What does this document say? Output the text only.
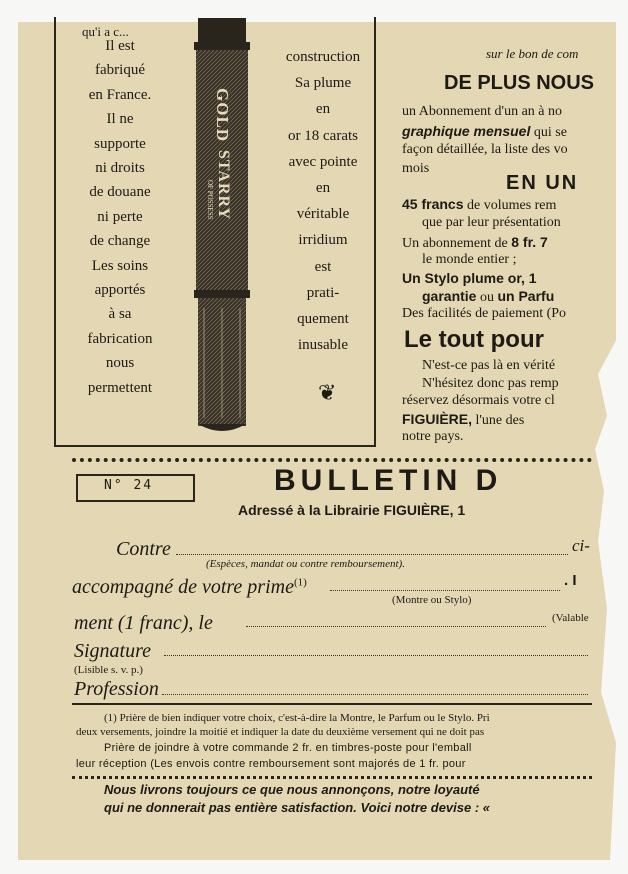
qu'i a c...
sur le bon de com
Il est
fabriqué
en France.
Il ne
supporte
ni droits
de douane
ni perte
de change
Les soins
apportés
à sa
fabrication
nous
permettent
GOLD
STARRY
OF POSSESS
construction
Sa plume
en
or 18 carats
avec pointe
en
véritable
irridium
est
prati-
quement
inusable
❦
DE PLUS NOUS
un Abonnement d'un an à no
graphique mensuel qui se
façon détaillée, la liste des vo
mois
EN UN
45 francs de volumes rem
que par leur présentation
Un abonnement de 8 fr. 7
le monde entier ;
Un Stylo plume or, 1
garantie ou un Parfu
Des facilités de paiement (Po
Le tout pour
N'est-ce pas là en vérité
N'hésitez donc pas remp
réservez désormais votre cl
FIGUIÈRE, l'une des
notre pays.
N° 24	BULLETIN D
Adressé à la Librairie FIGUIÈRE, 1
Contre	ci-
(Espèces, mandat ou contre remboursement).
accompagné de votre prime$^{(1)}$	. I
(Montre ou Stylo)
ment (1 franc), le	(Valable
Signature
(Lisible s. v. p.)
Profession
(1) Prière de bien indiquer votre choix, c'est-à-dire la Montre, le Parfum ou le Stylo. Pri
deux versements, joindre la moitié et indiquer la date du deuxième versement qui ne doit pas
Prière de joindre à votre commande 2 fr. en timbres-poste pour l'emball
leur réception (Les envois contre remboursement sont majorés de 1 fr. pour
Nous livrons toujours ce que nous annonçons, notre loyauté
qui ne donnerait pas entière satisfaction. Voici notre devise : «
